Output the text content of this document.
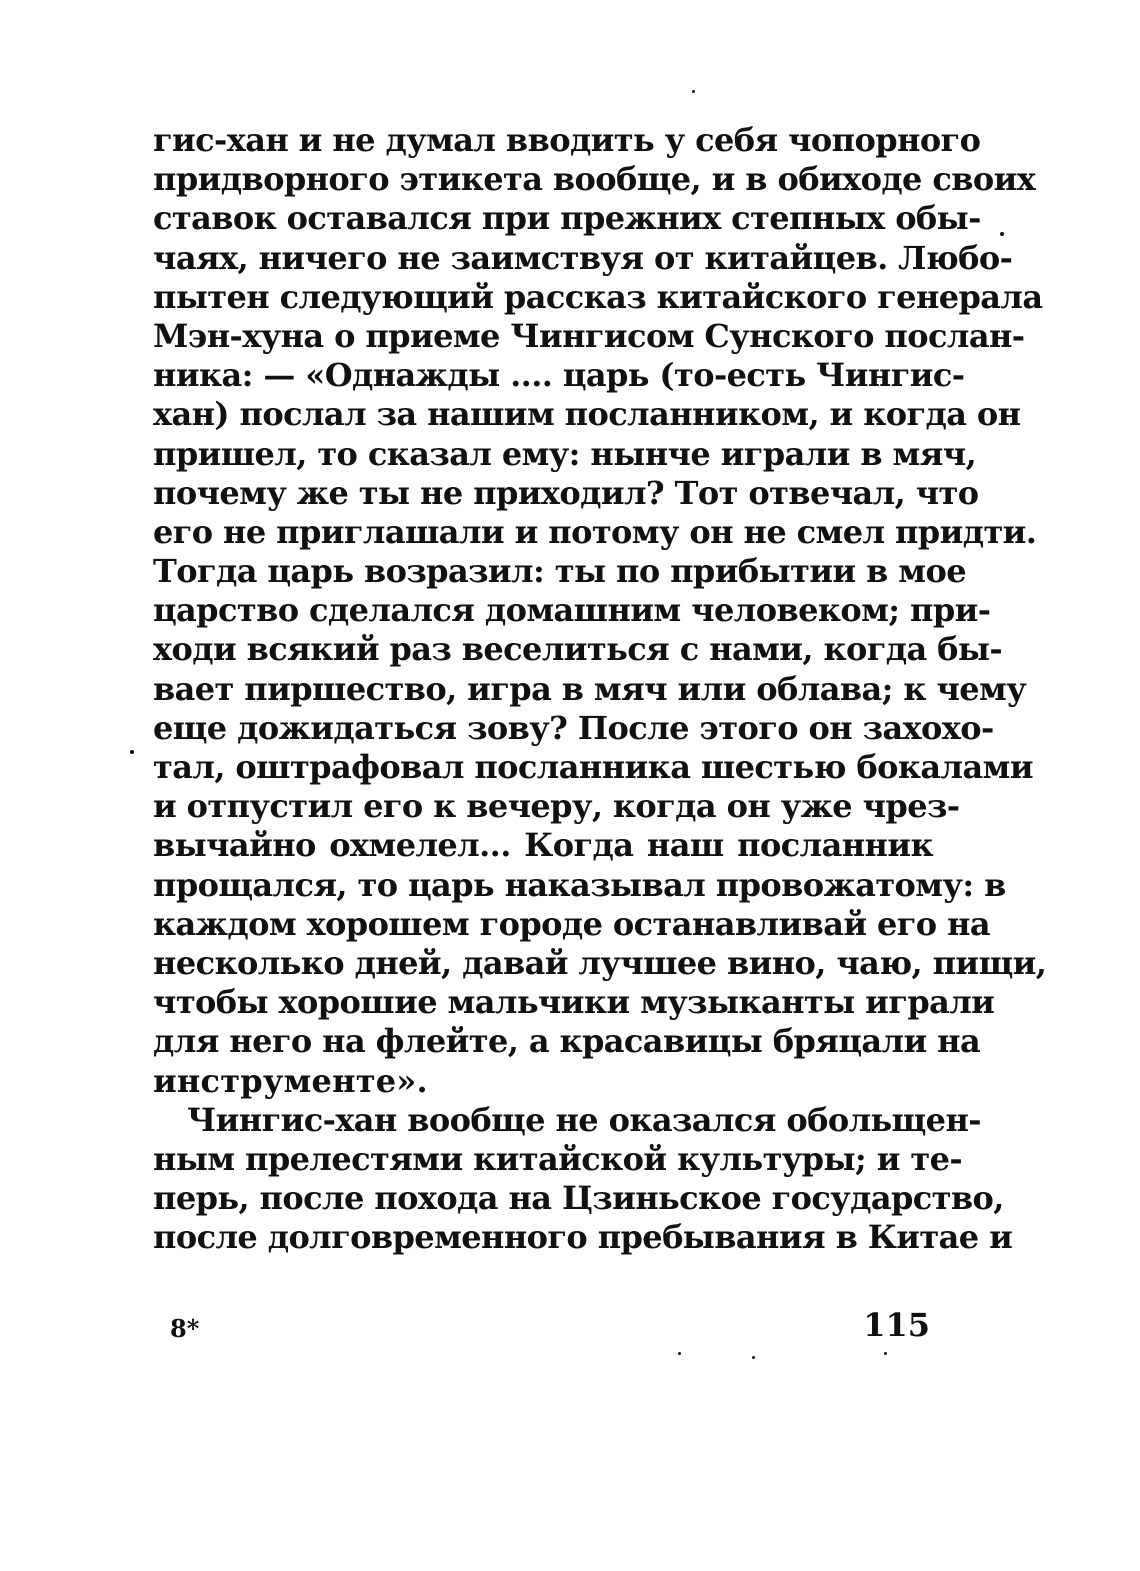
гис-хан и не думал вводить у себя чопорного
придворного этикета вообще, и в обиходе своих
ставок оставался при прежних степных обы-
чаях, ничего не заимствуя от китайцев. Любо-
пытен следующий рассказ китайского генерала
Мэн-хуна о приеме Чингисом Сунского послан-
ника: — «Однажды .... царь (то-есть Чингис-
хан) послал за нашим посланником, и когда он
пришел, то сказал ему: нынче играли в мяч,
почему же ты не приходил? Тот отвечал, что
его не приглашали и потому он не смел придти.
Тогда царь возразил: ты по прибытии в мое
царство сделался домашним человеком; при-
ходи всякий раз веселиться с нами, когда бы-
вает пиршество, игра в мяч или облава; к чему
еще дожидаться зову? После этого он захохо-
тал, оштрафовал посланника шестью бокалами
и отпустил его к вечеру, когда он уже чрез-
вычайно охмелел... Когда наш посланник
прощался, то царь наказывал провожатому: в
каждом хорошем городе останавливай его на
несколько дней, давай лучшее вино, чаю, пищи,
чтобы хорошие мальчики музыканты играли
для него на флейте, а красавицы бряцали на
инструменте».
Чингис-хан вообще не оказался обольщен-
ным прелестями китайской культуры; и те-
перь, после похода на Цзиньское государство,
после долговременного пребывания в Китае и
8*	115
